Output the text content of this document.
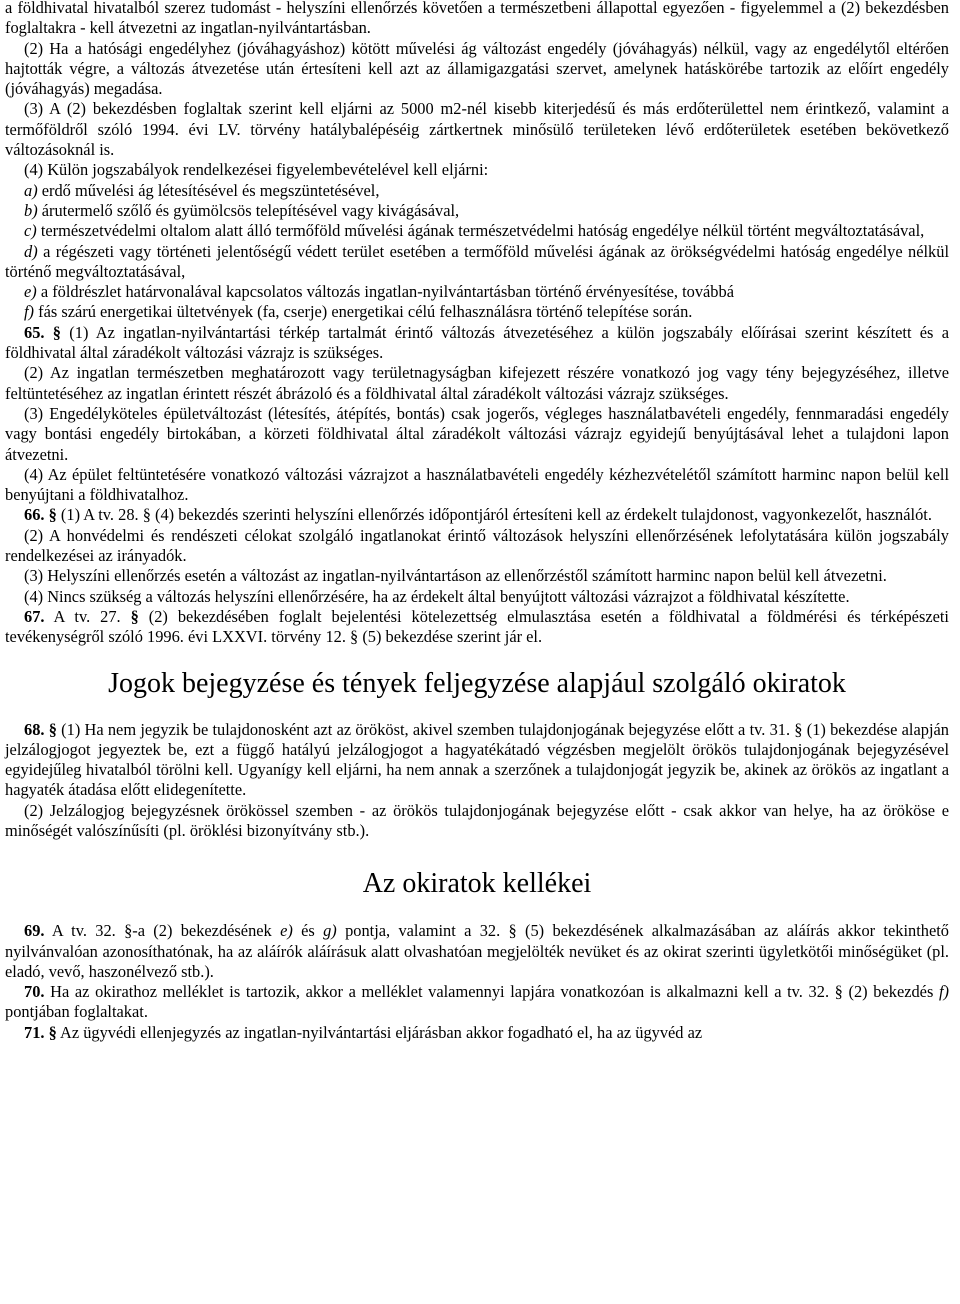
a földhivatal hivatalból szerez tudomást - helyszíni ellenőrzés követően a természetbeni állapottal egyezően - figyelemmel a (2) bekezdésben foglaltakra - kell átvezetni az ingatlan-nyilvántartásban.

(2) Ha a hatósági engedélyhez (jóváhagyáshoz) kötött művelési ág változást engedély (jóváhagyás) nélkül, vagy az engedélytől eltérően hajtották végre, a változás átvezetése után értesíteni kell azt az államigazgatási szervet, amelynek hatáskörébe tartozik az előírt engedély (jóváhagyás) megadása.

(3) A (2) bekezdésben foglaltak szerint kell eljárni az 5000 m2-nél kisebb kiterjedésű és más erdőterülettel nem érintkező, valamint a termőföldről szóló 1994. évi LV. törvény hatálybalépéséig zártkertnek minősülő területeken lévő erdőterületek esetében bekövetkező változásoknál is.

(4) Külön jogszabályok rendelkezései figyelembevételével kell eljárni:

a) erdő művelési ág létesítésével és megszüntetésével,

b) árutermelő szőlő és gyümölcsös telepítésével vagy kivágásával,

c) természetvédelmi oltalom alatt álló termőföld művelési ágának természetvédelmi hatóság engedélye nélkül történt megváltoztatásával,

d) a régészeti vagy történeti jelentőségű védett terület esetében a termőföld művelési ágának az örökségvédelmi hatóság engedélye nélkül történő megváltoztatásával,

e) a földrészlet határvonalával kapcsolatos változás ingatlan-nyilvántartásban történő érvényesítése, továbbá

f) fás szárú energetikai ültetvények (fa, cserje) energetikai célú felhasználásra történő telepítése során.

65. § (1) Az ingatlan-nyilvántartási térkép tartalmát érintő változás átvezetéséhez a külön jogszabály előírásai szerint készített és a földhivatal által záradékolt változási vázrajz is szükséges.

(2) Az ingatlan természetben meghatározott vagy területnagyságban kifejezett részére vonatkozó jog vagy tény bejegyzéséhez, illetve feltüntetéséhez az ingatlan érintett részét ábrázoló és a földhivatal által záradékolt változási vázrajz szükséges.

(3) Engedélyköteles épületváltozást (létesítés, átépítés, bontás) csak jogerős, végleges használatbavételi engedély, fennmaradási engedély vagy bontási engedély birtokában, a körzeti földhivatal által záradékolt változási vázrajz egyidejű benyújtásával lehet a tulajdoni lapon átvezetni.

(4) Az épület feltüntetésére vonatkozó változási vázrajzot a használatbavételi engedély kézhezvételétől számított harminc napon belül kell benyújtani a földhivatalhoz.

66. § (1) A tv. 28. § (4) bekezdés szerinti helyszíni ellenőrzés időpontjáról értesíteni kell az érdekelt tulajdonost, vagyonkezelőt, használót.

(2) A honvédelmi és rendészeti célokat szolgáló ingatlanokat érintő változások helyszíni ellenőrzésének lefolytatására külön jogszabály rendelkezései az irányadók.

(3) Helyszíni ellenőrzés esetén a változást az ingatlan-nyilvántartáson az ellenőrzéstől számított harminc napon belül kell átvezetni.

(4) Nincs szükség a változás helyszíni ellenőrzésére, ha az érdekelt által benyújtott változási vázrajzot a földhivatal készítette.

67. A tv. 27. § (2) bekezdésében foglalt bejelentési kötelezettség elmulasztása esetén a földhivatal a földmérési és térképészeti tevékenységről szóló 1996. évi LXXVI. törvény 12. § (5) bekezdése szerint jár el.

Jogok bejegyzése és tények feljegyzése alapjául szolgáló okiratok

68. § (1) Ha nem jegyzik be tulajdonosként azt az örököst, akivel szemben tulajdonjogának bejegyzése előtt a tv. 31. § (1) bekezdése alapján jelzálogjogot jegyeztek be, ezt a függő hatályú jelzálogjogot a hagyatékátadó végzésben megjelölt örökös tulajdonjogának bejegyzésével egyidejűleg hivatalból törölni kell. Ugyanígy kell eljárni, ha nem annak a szerzőnek a tulajdonjogát jegyzik be, akinek az örökös az ingatlant a hagyaték átadása előtt elidegenítette.

(2) Jelzálogjog bejegyzésnek örökössel szemben - az örökös tulajdonjogának bejegyzése előtt - csak akkor van helye, ha az örököse e minőségét valószínűsíti (pl. öröklési bizonyítvány stb.).

Az okiratok kellékei

69. A tv. 32. §-a (2) bekezdésének e) és g) pontja, valamint a 32. § (5) bekezdésének alkalmazásában az aláírás akkor tekinthető nyilvánvalóan azonosíthatónak, ha az aláírók aláírásuk alatt olvashatóan megjelölték nevüket és az okirat szerinti ügyletkötői minőségüket (pl. eladó, vevő, haszonélvező stb.).

70. Ha az okirathoz melléklet is tartozik, akkor a melléklet valamennyi lapjára vonatkozóan is alkalmazni kell a tv. 32. § (2) bekezdés f) pontjában foglaltakat.

71. § Az ügyvédi ellenjegyzés az ingatlan-nyilvántartási eljárásban akkor fogadható el, ha az ügyvéd az
